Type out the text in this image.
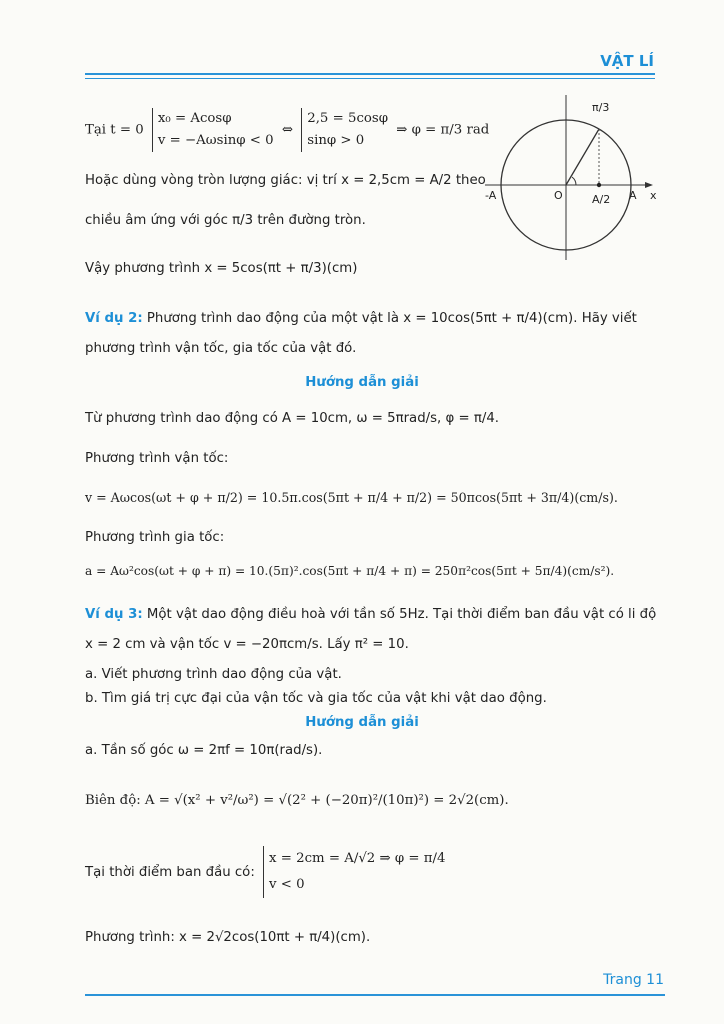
VẬT LÍ
Tại t = 0 x₀ = Acosφ
v = −Aωsinφ < 0 ⇔ 2,5 = 5cosφ
sinφ > 0 ⇒ φ = π/3 rad
π/3
-A	O	A/2 A x
Hoặc dùng vòng tròn lượng giác: vị trí x = 2,5cm = A/2 theo
chiều âm ứng với góc π/3 trên đường tròn.
Vậy phương trình x = 5cos(πt + π/3)(cm)
Ví dụ 2: Phương trình dao động của một vật là x = 10cos(5πt + π/4)(cm). Hãy viết
phương trình vận tốc, gia tốc của vật đó.
Hướng dẫn giải
Từ phương trình dao động có A = 10cm, ω = 5πrad/s, φ = π/4.
Phương trình vận tốc:
v = Aωcos(ωt + φ + π/2) = 10.5π.cos(5πt + π/4 + π/2) = 50πcos(5πt + 3π/4)(cm/s).
Phương trình gia tốc:
a = Aω²cos(ωt + φ + π) = 10.(5π)².cos(5πt + π/4 + π) = 250π²cos(5πt + 5π/4)(cm/s²).
Ví dụ 3: Một vật dao động điều hoà với tần số 5Hz. Tại thời điểm ban đầu vật có li độ
x = 2 cm và vận tốc v = −20πcm/s. Lấy π² = 10.
a. Viết phương trình dao động của vật.
b. Tìm giá trị cực đại của vận tốc và gia tốc của vật khi vật dao động.
Hướng dẫn giải
a. Tần số góc ω = 2πf = 10π(rad/s).
Biên độ: A = √(x² + v²/ω²) = √(2² + (−20π)²/(10π)²) = 2√2(cm).
Tại thời điểm ban đầu có: x = 2cm = A/√2 ⇒ φ = π/4
v < 0
Phương trình: x = 2√2cos(10πt + π/4)(cm).
Trang 11
